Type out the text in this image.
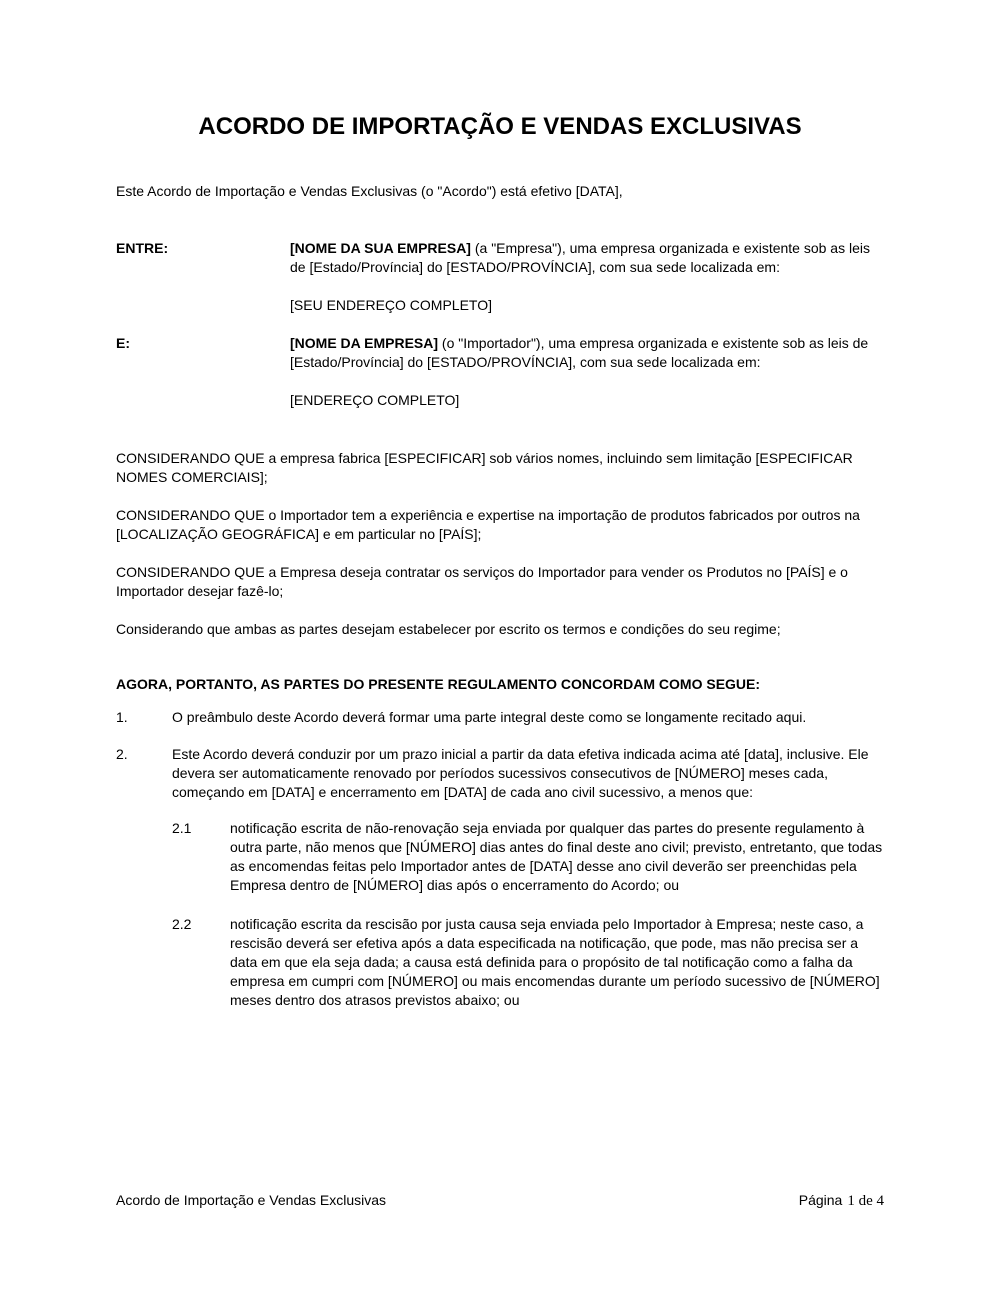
ACORDO DE IMPORTAÇÃO E VENDAS EXCLUSIVAS

Este Acordo de Importação e Vendas Exclusivas (o "Acordo") está efetivo [DATA],

ENTRE:	[NOME DA SUA EMPRESA] (a "Empresa"), uma empresa organizada e existente sob as leis de [Estado/Província] do [ESTADO/PROVÍNCIA], com sua sede localizada em:

[SEU ENDEREÇO COMPLETO]

E:	[NOME DA EMPRESA] (o "Importador"), uma empresa organizada e existente sob as leis de [Estado/Província] do [ESTADO/PROVÍNCIA], com sua sede localizada em:

[ENDEREÇO COMPLETO]

CONSIDERANDO QUE a empresa fabrica [ESPECIFICAR] sob vários nomes, incluindo sem limitação [ESPECIFICAR NOMES COMERCIAIS];

CONSIDERANDO QUE o Importador tem a experiência e expertise na importação de produtos fabricados por outros na [LOCALIZAÇÃO GEOGRÁFICA] e em particular no [PAÍS];

CONSIDERANDO QUE a Empresa deseja contratar os serviços do Importador para vender os Produtos no [PAÍS] e o Importador desejar fazê-lo;

Considerando que ambas as partes desejam estabelecer por escrito os termos e condições do seu regime;

AGORA, PORTANTO, AS PARTES DO PRESENTE REGULAMENTO CONCORDAM COMO SEGUE:

1.	O preâmbulo deste Acordo deverá formar uma parte integral deste como se longamente recitado aqui.
2.	Este Acordo deverá conduzir por um prazo inicial a partir da data efetiva indicada acima até [data], inclusive. Ele devera ser automaticamente renovado por períodos sucessivos consecutivos de [NÚMERO] meses cada, começando em [DATA] e encerramento em [DATA] de cada ano civil sucessivo, a menos que:
2.1	notificação escrita de não-renovação seja enviada por qualquer das partes do presente regulamento à outra parte, não menos que [NÚMERO] dias antes do final deste ano civil; previsto, entretanto, que todas as encomendas feitas pelo Importador antes de [DATA] desse ano civil deverão ser preenchidas pela Empresa dentro de [NÚMERO] dias após o encerramento do Acordo; ou
2.2	notificação escrita da rescisão por justa causa seja enviada pelo Importador à Empresa; neste caso, a rescisão deverá ser efetiva após a data especificada na notificação, que pode, mas não precisa ser a data em que ela seja dada; a causa está definida para o propósito de tal notificação como a falha da empresa em cumpri com [NÚMERO] ou mais encomendas durante um período sucessivo de [NÚMERO] meses dentro dos atrasos previstos abaixo; ou
Acordo de Importação e Vendas Exclusivas	Página 1 de 4
